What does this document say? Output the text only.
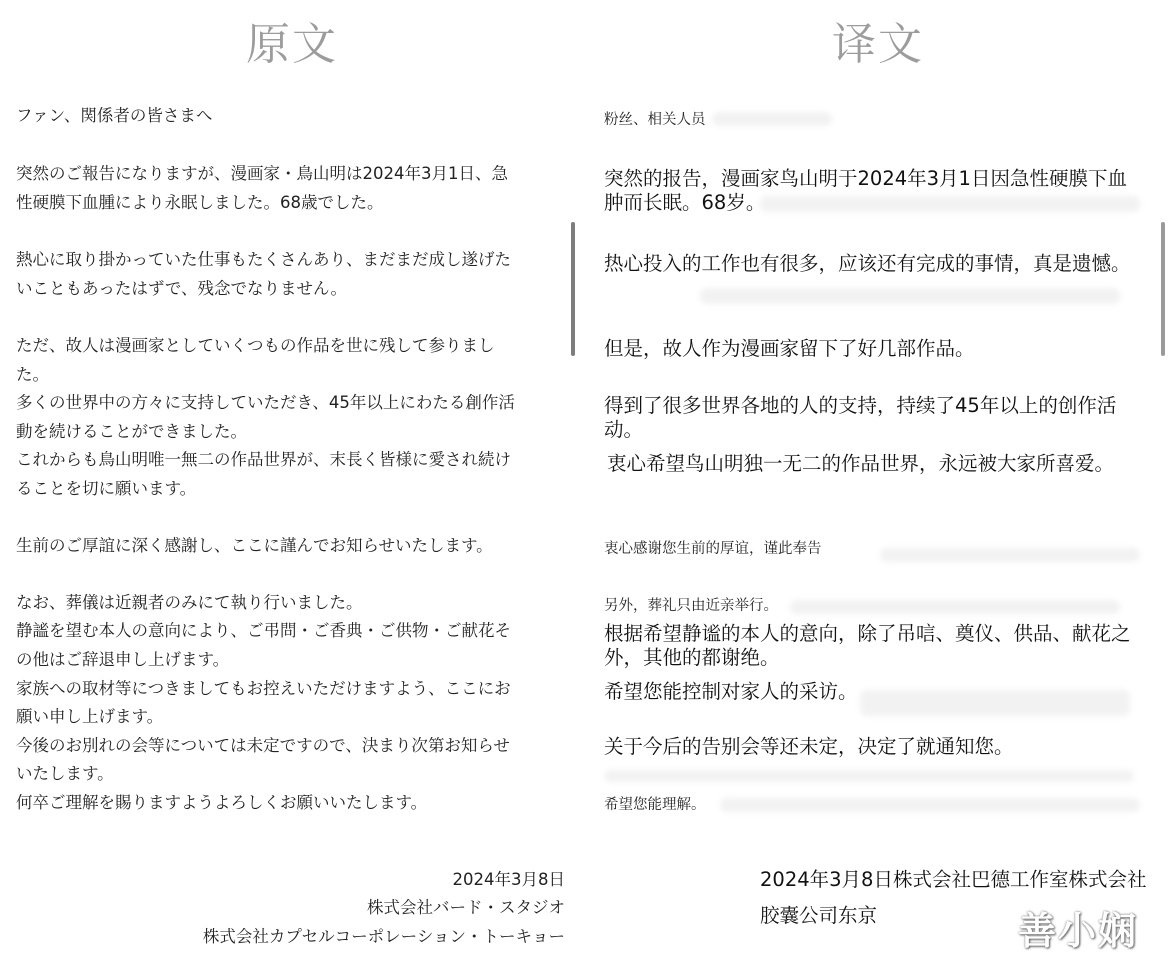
原文	译文
ファン、関係者の皆さまへ
突然のご報告になりますが、漫画家・鳥山明は2024年3月1日、急
性硬膜下血腫により永眠しました。68歳でした。
熱心に取り掛かっていた仕事もたくさんあり、まだまだ成し遂げた
いこともあったはずで、残念でなりません。
ただ、故人は漫画家としていくつもの作品を世に残して参りまし
た。
多くの世界中の方々に支持していただき、45年以上にわたる創作活
動を続けることができました。
これからも鳥山明唯一無二の作品世界が、末長く皆様に愛され続け
ることを切に願います。
生前のご厚誼に深く感謝し、ここに謹んでお知らせいたします。
なお、葬儀は近親者のみにて執り行いました。
静謐を望む本人の意向により、ご弔問・ご香典・ご供物・ご献花そ
の他はご辞退申し上げます。
家族への取材等につきましてもお控えいただけますよう、ここにお
願い申し上げます。
今後のお別れの会等については未定ですので、決まり次第お知らせ
いたします。
何卒ご理解を賜りますようよろしくお願いいたします。
2024年3月8日
株式会社バード・スタジオ
株式会社カプセルコーポレーション・トーキョー
粉丝、相关人员
突然的报告，漫画家鸟山明于2024年3月1日因急性硬膜下血肿而长眠。68岁。
热心投入的工作也有很多，应该还有完成的事情，真是遗憾。
但是，故人作为漫画家留下了好几部作品。
得到了很多世界各地的人的支持，持续了45年以上的创作活动。
衷心希望鸟山明独一无二的作品世界，永远被大家所喜爱。
衷心感谢您生前的厚谊，谨此奉告
另外，葬礼只由近亲举行。
根据希望静谧的本人的意向，除了吊唁、奠仪、供品、献花之外，其他的都谢绝。
希望您能控制对家人的采访。
关于今后的告别会等还未定，决定了就通知您。
希望您能理解。
2024年3月8日株式会社巴德工作室株式会社胶囊公司东京	善小娴
